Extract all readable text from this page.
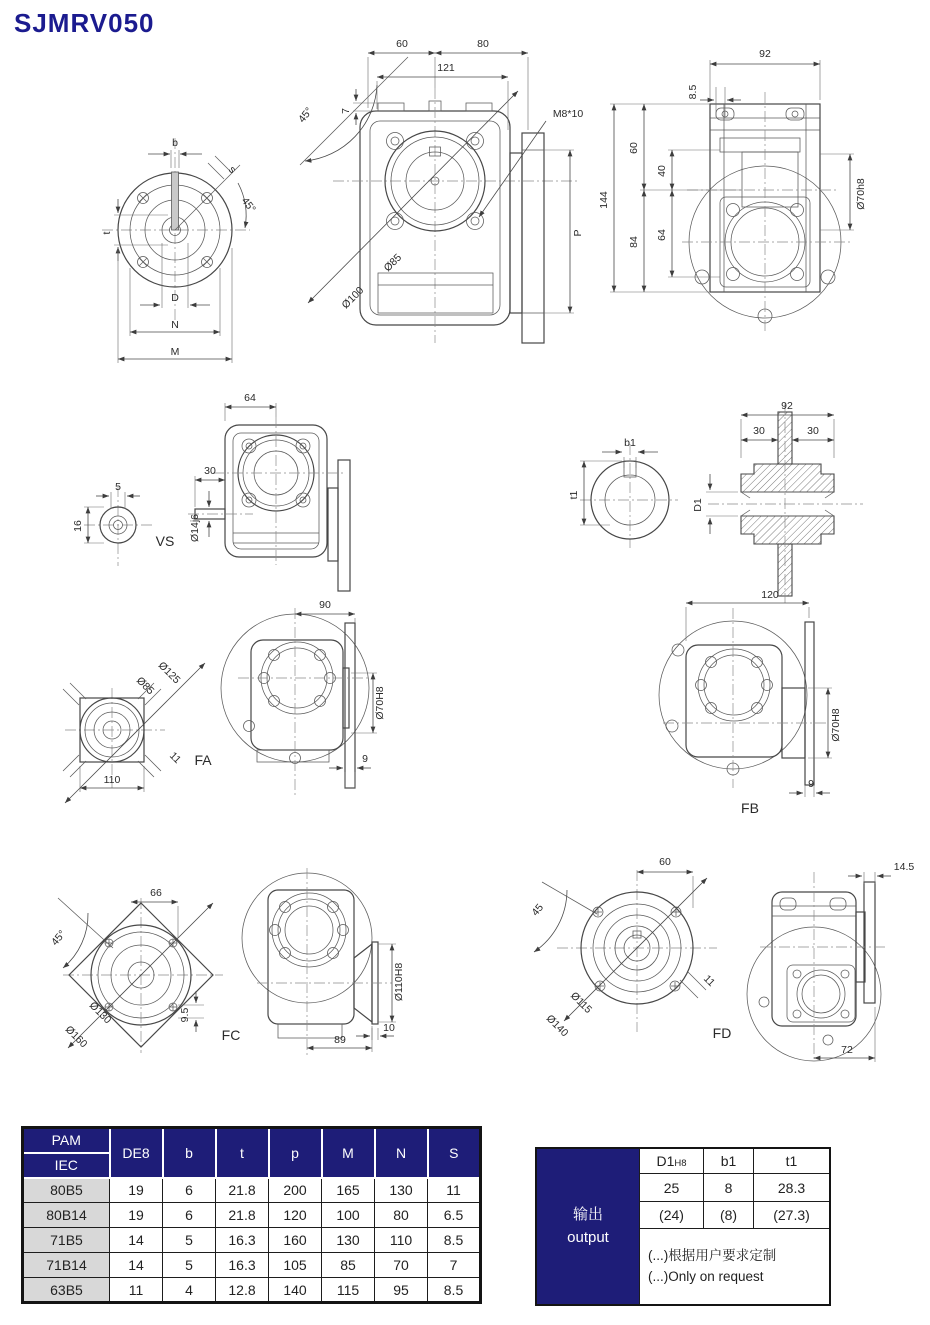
SJMRV050
b
s
45°
t
D
N
M
Ø85
Ø100
45° 7	M8*10
60	80
121
P
92
8.5
144
60
84
40
64
Ø70h8
5
16
VS
64
30
Ø14j6
b1
t1
92
30	30
D1
Ø125
Ø85
11
110
FA
90
Ø70H8
9
120
Ø70H8
9
FB
66
45°
Ø130
Ø160
9.5
FC
Ø110H8
10
89
60
45
Ø115
Ø140
11
FD
14.5
72
PAM	DE8	b	t	p	M	N	S
IEC							
80B5	19	6	21.8	200	165	130	11
80B14	19	6	21.8	120	100	80	6.5
71B5	14	5	16.3	160	130	110	8.5
71B14	14	5	16.3	105	85	70	7
63B5	11	4	12.8	140	115	95	8.5
输出
output
D1 H8	b1	t1
25	8	28.3
(24)	(8)	(27.3)
(...)根据用户要求定制
(...)Only on request
